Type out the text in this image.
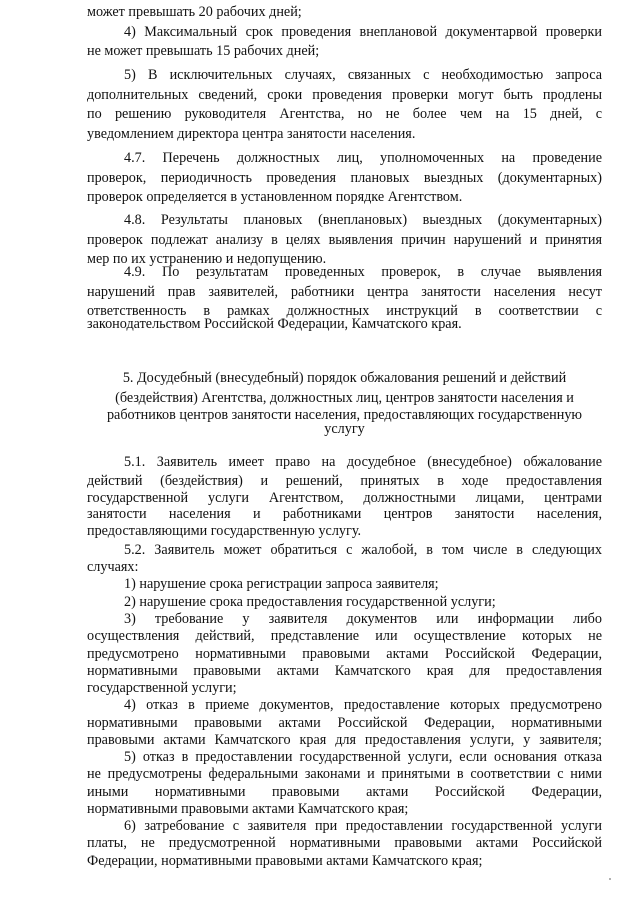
может превышать 20 рабочих дней;
4) Максимальный срок проведения внеплановой документарвой проверки
не может превышать 15 рабочих дней;
5) В исключительных случаях, связанных с необходимостью запроса
дополнительных сведений, сроки проведения проверки могут быть продлены
по решению руководителя Агентства, но не более чем на 15 дней, с
уведомлением директора центра занятости населения.
4.7. Перечень должностных лиц, уполномоченных на проведение
проверок, периодичность проведения плановых выездных (документарных)
проверок определяется в установленном порядке Агентством.
4.8. Результаты плановых (внеплановых) выездных (документарных)
проверок подлежат анализу в целях выявления причин нарушений и принятия
мер по их устранению и недопущению.
4.9. По результатам проведенных проверок, в случае выявления
нарушений прав заявителей, работники центра занятости населения несут
ответственность в рамках должностных инструкций в соответствии с
законодательством Российской Федерации, Камчатского края.
5. Досудебный (внесудебный) порядок обжалования решений и действий
(бездействия) Агентства, должностных лиц, центров занятости населения и
работников центров занятости населения, предоставляющих государственную
услугу
5.1. Заявитель имеет право на досудебное (внесудебное) обжалование
действий (бездействия) и решений, принятых в ходе предоставления
государственной услуги Агентством, должностными лицами, центрами
занятости населения и работниками центров занятости населения,
предоставляющими государственную услугу.
5.2. Заявитель может обратиться с жалобой, в том числе в следующих
случаях:
1) нарушение срока регистрации запроса заявителя;
2) нарушение срока предоставления государственной услуги;
3) требование у заявителя документов или информации либо
осуществления действий, представление или осуществление которых не
предусмотрено нормативными правовыми актами Российской Федерации,
нормативными правовыми актами Камчатского края для предоставления
государственной услуги;
4) отказ в приеме документов, предоставление которых предусмотрено
нормативными правовыми актами Российской Федерации, нормативными
правовыми актами Камчатского края для предоставления услуги, у заявителя;
5) отказ в предоставлении государственной услуги, если основания отказа
не предусмотрены федеральными законами и принятыми в соответствии с ними
иными нормативными правовыми актами Российской Федерации,
нормативными правовыми актами Камчатского края;
6) затребование с заявителя при предоставлении государственной услуги
платы, не предусмотренной нормативными правовыми актами Российской
Федерации, нормативными правовыми актами Камчатского края;
